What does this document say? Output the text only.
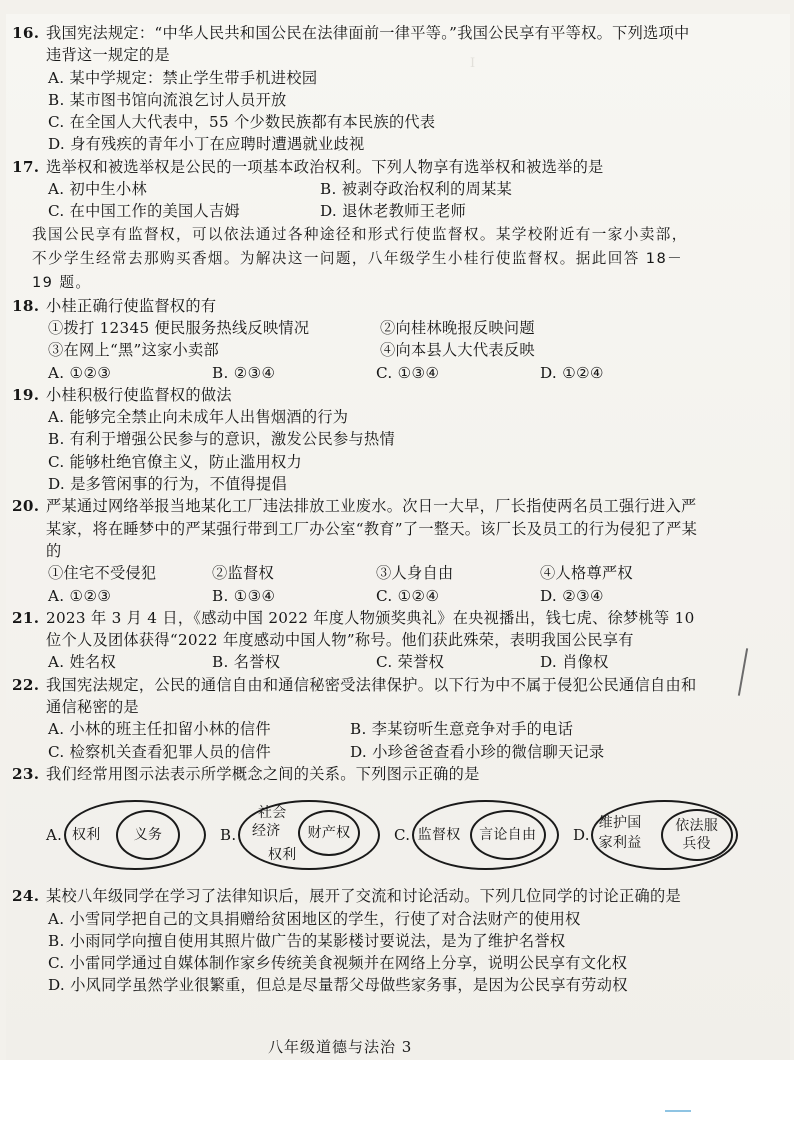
Ⅰ
16. 我国宪法规定：“中华人民共和国公民在法律面前一律平等。”我国公民享有平等权。下列选项中违背这一规定的是
A. 某中学规定：禁止学生带手机进校园
B. 某市图书馆向流浪乞讨人员开放
C. 在全国人大代表中，55 个少数民族都有本民族的代表
D. 身有残疾的青年小丁在应聘时遭遇就业歧视
17. 选举权和被选举权是公民的一项基本政治权利。下列人物享有选举权和被选举的是
A. 初中生小林	B. 被剥夺政治权利的周某某
C. 在中国工作的美国人吉姆	D. 退休老教师王老师
我国公民享有监督权，可以依法通过各种途径和形式行使监督权。某学校附近有一家小卖部，不少学生经常去那购买香烟。为解决这一问题，八年级学生小桂行使监督权。据此回答 18－19 题。
18. 小桂正确行使监督权的有
①拨打 12345 便民服务热线反映情况	②向桂林晚报反映问题
③在网上“黑”这家小卖部	④向本县人大代表反映
A. ①②③	B. ②③④	C. ①③④	D. ①②④
19. 小桂积极行使监督权的做法
A. 能够完全禁止向未成年人出售烟酒的行为
B. 有利于增强公民参与的意识，激发公民参与热情
C. 能够杜绝官僚主义，防止滥用权力
D. 是多管闲事的行为，不值得提倡
20. 严某通过网络举报当地某化工厂违法排放工业废水。次日一大早，厂长指使两名员工强行进入严某家，将在睡梦中的严某强行带到工厂办公室“教育”了一整天。该厂长及员工的行为侵犯了严某的
①住宅不受侵犯	②监督权	③人身自由	④人格尊严权
A. ①②③	B. ①③④	C. ①②④	D. ②③④
21. 2023 年 3 月 4 日，《感动中国 2022 年度人物颁奖典礼》在央视播出，钱七虎、徐梦桃等 10 位个人及团体获得“2022 年度感动中国人物”称号。他们获此殊荣，表明我国公民享有
A. 姓名权	B. 名誉权	C. 荣誉权	D. 肖像权
22. 我国宪法规定，公民的通信自由和通信秘密受法律保护。以下行为中不属于侵犯公民通信自由和通信秘密的是
A. 小林的班主任扣留小林的信件	B. 李某窃听生意竞争对手的电话
C. 检察机关查看犯罪人员的信件	D. 小珍爸爸查看小珍的微信聊天记录
23. 我们经常用图示法表示所学概念之间的关系。下列图示正确的是
A. 权利 义务	B.
社会
经济
权利
财产权	C. 监督权 言论自由 D.
维护国
家利益
依法服
兵役
24. 某校八年级同学在学习了法律知识后，展开了交流和讨论活动。下列几位同学的讨论正确的是
A. 小雪同学把自己的文具捐赠给贫困地区的学生，行使了对合法财产的使用权
B. 小雨同学向擅自使用其照片做广告的某影楼讨要说法，是为了维护名誉权
C. 小雷同学通过自媒体制作家乡传统美食视频并在网络上分享，说明公民享有文化权
D. 小风同学虽然学业很繁重，但总是尽量帮父母做些家务事，是因为公民享有劳动权
八年级道德与法治 3
